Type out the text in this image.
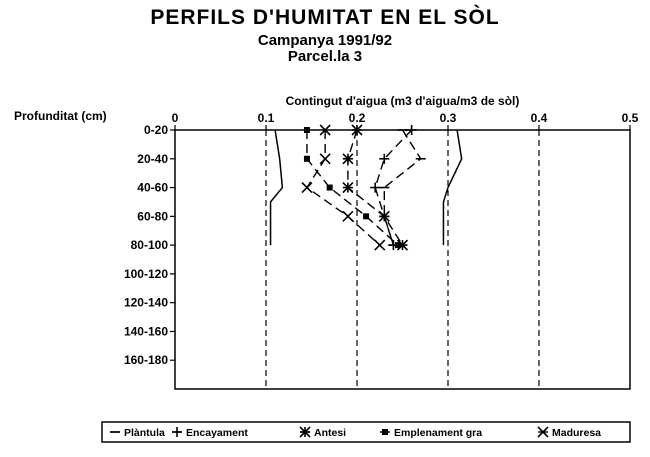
PERFILS D'HUMITAT EN EL SÒL
Campanya 1991/92
Parcel.la 3
0	0.1	0.2	0.3	0.4	0.5
Contingut d'aigua (m3 d'aigua/m3 de sòl)
Profunditat (cm)
0-20
20-40
40-60
60-80
80-100
100-120
120-140
140-160
160-180
Plàntula Encayament	Antesi	Emplenament gra	Maduresa
